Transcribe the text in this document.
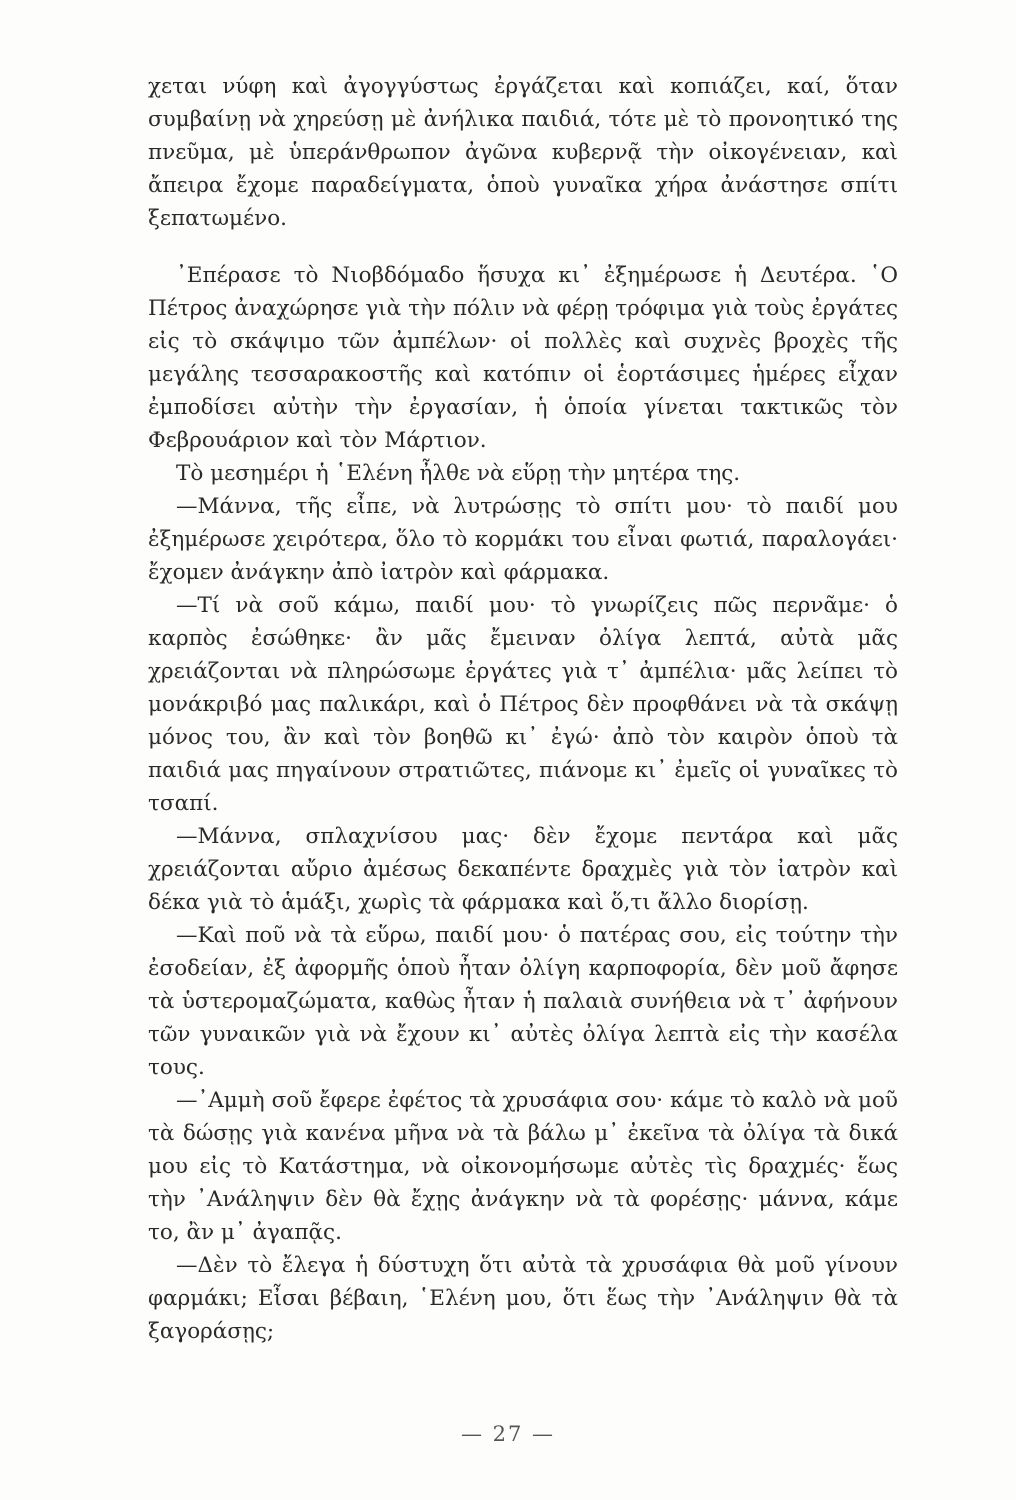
χεται νύφη καὶ ἀγογγύστως ἐργάζεται καὶ κοπιάζει, καί, ὅταν συμβαίνῃ νὰ χηρεύσῃ μὲ ἀνήλικα παιδιά, τότε μὲ τὸ προνοητικό της πνεῦμα, μὲ ὑπεράνθρωπον ἀγῶνα κυβερνᾷ τὴν οἰκογένειαν, καὶ ἄπειρα ἔχομε παραδείγματα, ὁποὺ γυναῖκα χήρα ἀνάστησε σπίτι ξεπατωμένο.

᾽Επέρασε τὸ Νιοβδόμαδο ἥσυχα κι᾽ ἐξημέρωσε ἡ Δευτέρα. ῾Ο Πέτρος ἀναχώρησε γιὰ τὴν πόλιν νὰ φέρῃ τρόφιμα γιὰ τοὺς ἐργάτες εἰς τὸ σκάψιμο τῶν ἀμπέλων· οἱ πολλὲς καὶ συχνὲς βροχὲς τῆς μεγάλης τεσσαρακοστῆς καὶ κατόπιν οἱ ἑορτάσιμες ἡμέρες εἶχαν ἐμποδίσει αὐτὴν τὴν ἐργασίαν, ἡ ὁποία γίνεται τακτικῶς τὸν Φεβρουάριον καὶ τὸν Μάρτιον.

Τὸ μεσημέρι ἡ ῾Ελένη ἦλθε νὰ εὕρῃ τὴν μητέρα της.

—Μάννα, τῆς εἶπε, νὰ λυτρώσῃς τὸ σπίτι μου· τὸ παιδί μου ἐξημέρωσε χειρότερα, ὅλο τὸ κορμάκι του εἶναι φωτιά, παραλογάει· ἔχομεν ἀνάγκην ἀπὸ ἰατρὸν καὶ φάρμακα.

—Τί νὰ σοῦ κάμω, παιδί μου· τὸ γνωρίζεις πῶς περνᾶμε· ὁ καρπὸς ἐσώθηκε· ἂν μᾶς ἔμειναν ὀλίγα λεπτά, αὐτὰ μᾶς χρειάζονται νὰ πληρώσωμε ἐργάτες γιὰ τ᾽ ἀμπέλια· μᾶς λείπει τὸ μονάκριβό μας παλικάρι, καὶ ὁ Πέτρος δὲν προφθάνει νὰ τὰ σκάψῃ μόνος του, ἂν καὶ τὸν βοηθῶ κι᾽ ἐγώ· ἀπὸ τὸν καιρὸν ὁποὺ τὰ παιδιά μας πηγαίνουν στρατιῶτες, πιάνομε κι᾽ ἐμεῖς οἱ γυναῖκες τὸ τσαπί.

—Μάννα, σπλαχνίσου μας· δὲν ἔχομε πεντάρα καὶ μᾶς χρειάζονται αὔριο ἀμέσως δεκαπέντε δραχμὲς γιὰ τὸν ἰατρὸν καὶ δέκα γιὰ τὸ ἁμάξι, χωρὶς τὰ φάρμακα καὶ ὅ,τι ἄλλο διορίσῃ.

—Καὶ ποῦ νὰ τὰ εὕρω, παιδί μου· ὁ πατέρας σου, εἰς τούτην τὴν ἐσοδείαν, ἐξ ἀφορμῆς ὁποὺ ἦταν ὀλίγη καρποφορία, δὲν μοῦ ἄφησε τὰ ὑστερομαζώματα, καθὼς ἦταν ἡ παλαιὰ συνήθεια νὰ τ᾽ ἀφήνουν τῶν γυναικῶν γιὰ νὰ ἔχουν κι᾽ αὐτὲς ὀλίγα λεπτὰ εἰς τὴν κασέλα τους.

—᾽Αμμὴ σοῦ ἔφερε ἐφέτος τὰ χρυσάφια σου· κάμε τὸ καλὸ νὰ μοῦ τὰ δώσῃς γιὰ κανένα μῆνα νὰ τὰ βάλω μ᾽ ἐκεῖνα τὰ ὀλίγα τὰ δικά μου εἰς τὸ Κατάστημα, νὰ οἰκονομήσωμε αὐτὲς τὶς δραχμές· ἕως τὴν ᾽Ανάληψιν δὲν θὰ ἔχῃς ἀνάγκην νὰ τὰ φορέσῃς· μάννα, κάμε το, ἂν μ᾽ ἀγαπᾷς.

—Δὲν τὸ ἔλεγα ἡ δύστυχη ὅτι αὐτὰ τὰ χρυσάφια θὰ μοῦ γίνουν φαρμάκι; Εἶσαι βέβαιη, ῾Ελένη μου, ὅτι ἕως τὴν ᾽Ανάληψιν θὰ τὰ ξαγοράσῃς;

— 27 —
